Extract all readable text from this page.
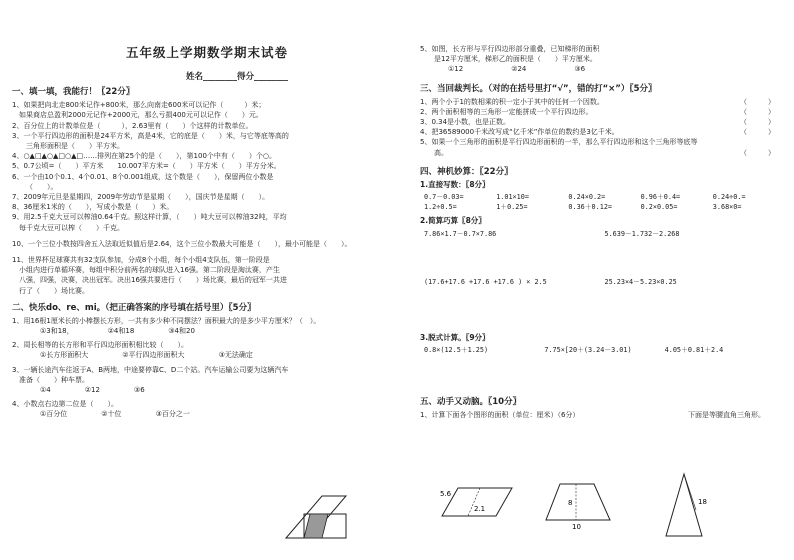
五年级上学期数学期末试卷
姓名________得分________
一、填一填，我能行！〖22分〗
1、如果把向北走800米记作+800米，那么向南走600米可以记作（　　　）米；
　如果商店总盈利2000元记作+2000元，那么亏损400元可以记作（　　）元。
2、百分位上的计数单位是（　　　），2.63里有（　　）个这样的计数单位。
3、一个平行四边形的面积是24平方米，高是4米，它的底是（　　）米，与它等底等高的
三角形面积是（　　）平方米。
4、○▲□▲○▲□○▲□……排列在第25个的是（　　），第100个中有（　　）个○。
5、0.7公顷=（　　）平方米　　10.007平方米=（　　）平方米（　　）平方分米。
6、一个由10个0.1、4个0.01、8个0.001组成，这个数是（　　），保留两位小数是
（　　）。
7、2009年元旦是星期四，2009年劳动节是星期（　　），国庆节是星期（　　）。
8、36厘米1米的（　　），写成小数是（　　）米。
9、用2.5千克大豆可以榨油0.64千克。照这样计算，（　　）吨大豆可以榨油32吨，平均
　每千克大豆可以榨（　　）千克。
10、一个三位小数按四舍五入法取近似值后是2.64，这个三位小数最大可能是（　　），最小可能是（　　）。
11、世界杯足球赛共有32支队参加，分成8个小组，每个小组4支队伍，第一阶段是
　小组内进行单循环赛，每组中积分前两名的球队进入16强。第二阶段是淘汰赛，产生
　八强，四强，决赛，决出冠军。决出16强共要进行（　　）场比赛，最后的冠军一共进
　行了（　　）场比赛。
二、快乐do、re、mi。（把正确答案的序号填在括号里）〖5分〗
1、用16根1厘米长的小棒摆长方形，一共有多少种不同摆法？面积最大的是多少平方厘米？（　）。
①3和18，	②4和18	③4和20
2、周长相等的长方形和平行四边形面积相比较（　　）。
①长方形面积大	②平行四边形面积大	③无法确定
3、一辆长途汽车往返于A、B两地，中途要停靠C、D二个站。汽车运输公司要为这辆汽车
　准备（　　）种车票。
①4	②12	③6
4、小数点右边第二位是（　　）。
①百分位	②十位	③百分之一
5、如图，长方形与平行四边形部分重叠，已知梯形的面积
是12平方厘米，梯形乙的面积是（　　）平方厘米。
①12	②24	③6
三、当回裁判长。（对的在括号里打“√”，错的打“×”）〖5分〗
1、两个小于1的数相乘的积一定小于其中的任何一个因数。	（　　　）
2、两个面积相等的三角形一定能拼成一个平行四边形。	（　　　）
3、0.34是小数，也是正数。	（　　　）
4、把36589000千米改写成“亿千米”作单位的数约是3亿千米。	（　　　）
5、如果一个三角形的面积是平行四边形面积的一半，那么平行四边形和这个三角形等底等
高。	（　　　）
四、神机妙算：〖22分〗
1.直接写数：〖8分〗
0.7－0.03=	1.01×10=	0.24×0.2=	0.96＋0.4=	0.24÷0.=
1.2÷0.5=	1＋0.25=	0.36＋0.12=	0.2×0.05=	3.68×0=
2.简算巧算〖8分〗
7.86×1.7－0.7×7.86	5.639－1.732－2.268
(17.6+17.6 +17.6 +17.6 ) × 2.5	25.23×4－5.23×0.25
3.脱式计算。〖9分〗
0.8×(12.5＋1.25)	7.75×[20＋(3.24－3.01)	4.05＋0.81＋2.4
五、动手又动脑。〖10分〗
1、计算下面各个图形的面积（单位：厘米）（6分）	下面是等腰直角三角形。
5.6
2.1
8
10
18
